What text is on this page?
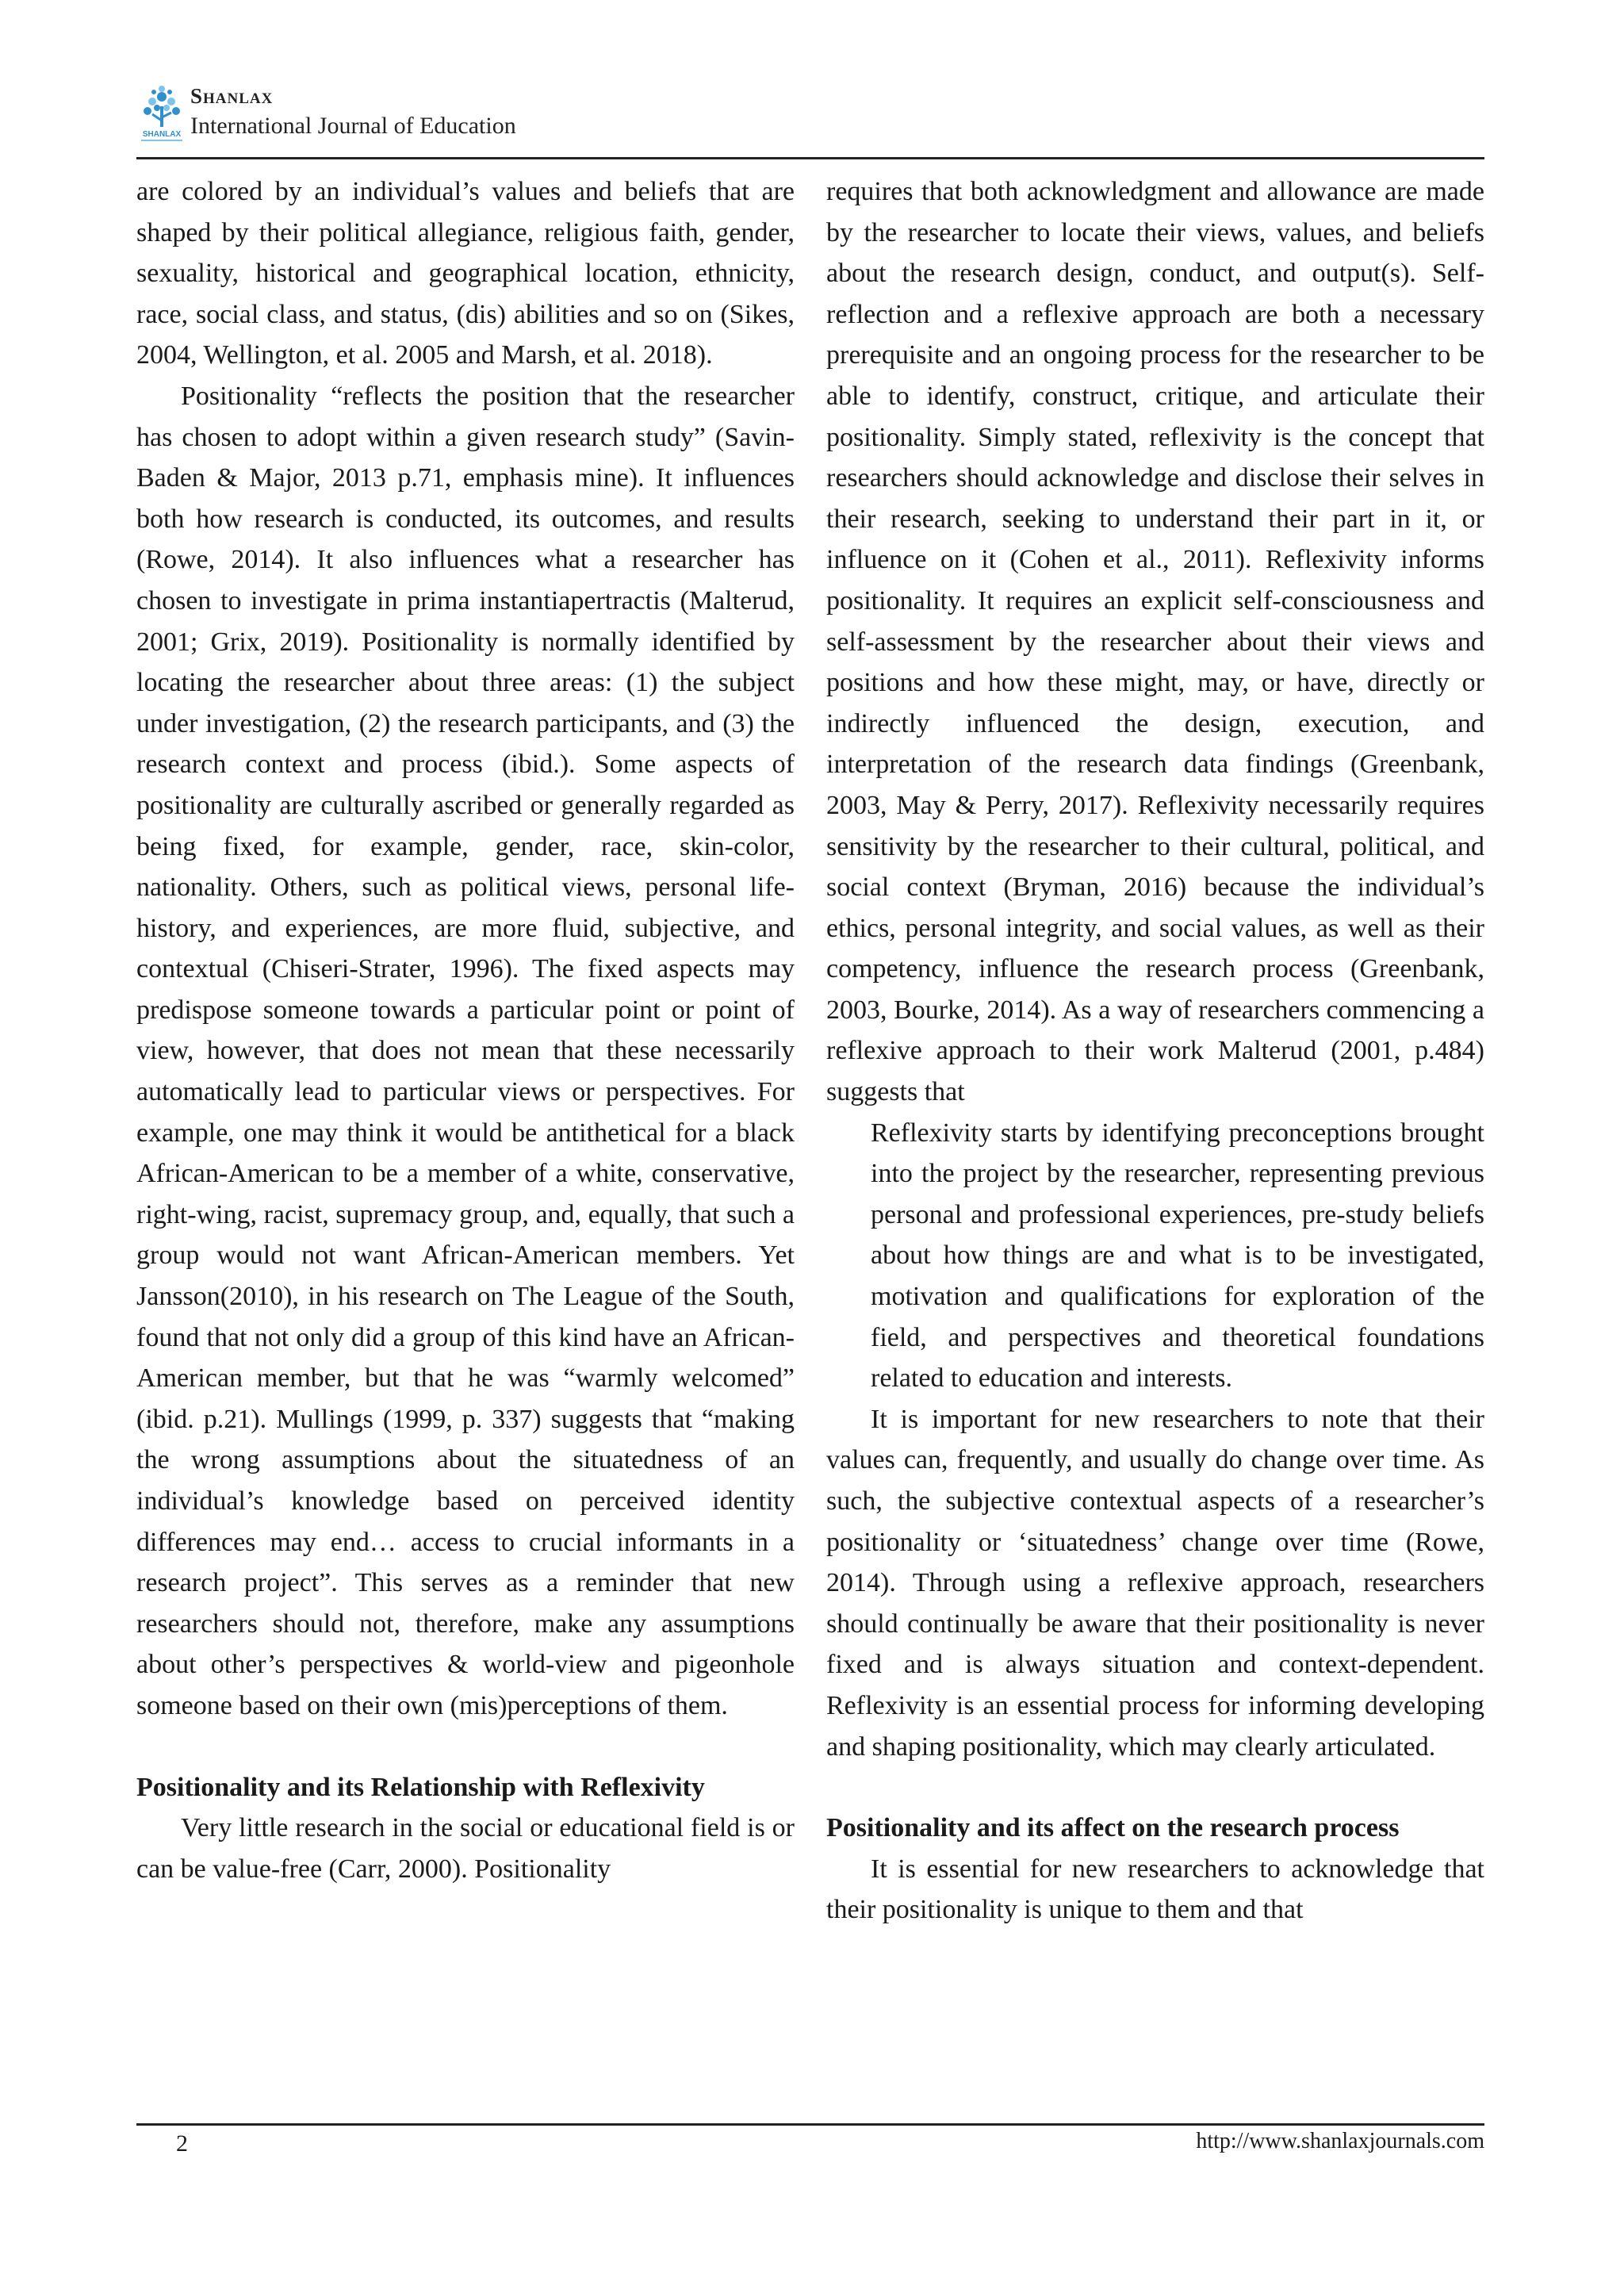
SHANLAX
Shanlax
International Journal of Education

are colored by an individual’s values and beliefs that are shaped by their political allegiance, religious faith, gender, sexuality, historical and geographical location, ethnicity, race, social class, and status, (dis) abilities and so on (Sikes, 2004, Wellington, et al. 2005 and Marsh, et al. 2018).

Positionality “reflects the position that the researcher has chosen to adopt within a given research study” (Savin-Baden & Major, 2013 p.71, emphasis mine). It influences both how research is conducted, its outcomes, and results (Rowe, 2014). It also influences what a researcher has chosen to investigate in prima instantiapertractis (Malterud, 2001; Grix, 2019). Positionality is normally identified by locating the researcher about three areas: (1) the subject under investigation, (2) the research participants, and (3) the research context and process (ibid.). Some aspects of positionality are culturally ascribed or generally regarded as being fixed, for example, gender, race, skin-color, nationality. Others, such as political views, personal life-history, and experiences, are more fluid, subjective, and contextual (Chiseri-Strater, 1996). The fixed aspects may predispose someone towards a particular point or point of view, however, that does not mean that these necessarily automatically lead to particular views or perspectives. For example, one may think it would be antithetical for a black African-American to be a member of a white, conservative, right-wing, racist, supremacy group, and, equally, that such a group would not want African-American members. Yet Jansson(2010), in his research on The League of the South, found that not only did a group of this kind have an African-American member, but that he was “warmly welcomed” (ibid. p.21). Mullings (1999, p. 337) suggests that “making the wrong assumptions about the situatedness of an individual’s knowledge based on perceived identity differences may end… access to crucial informants in a research project”. This serves as a reminder that new researchers should not, therefore, make any assumptions about other’s perspectives & world-view and pigeonhole someone based on their own (mis)perceptions of them.

Positionality and its Relationship with Reflexivity

Very little research in the social or educational field is or can be value-free (Carr, 2000). Positionality

requires that both acknowledgment and allowance are made by the researcher to locate their views, values, and beliefs about the research design, conduct, and output(s). Self-reflection and a reflexive approach are both a necessary prerequisite and an ongoing process for the researcher to be able to identify, construct, critique, and articulate their positionality. Simply stated, reflexivity is the concept that researchers should acknowledge and disclose their selves in their research, seeking to understand their part in it, or influence on it (Cohen et al., 2011). Reflexivity informs positionality. It requires an explicit self-consciousness and self-assessment by the researcher about their views and positions and how these might, may, or have, directly or indirectly influenced the design, execution, and interpretation of the research data findings (Greenbank, 2003, May & Perry, 2017). Reflexivity necessarily requires sensitivity by the researcher to their cultural, political, and social context (Bryman, 2016) because the individual’s ethics, personal integrity, and social values, as well as their competency, influence the research process (Greenbank, 2003, Bourke, 2014). As a way of researchers commencing a reflexive approach to their work Malterud (2001, p.484) suggests that

Reflexivity starts by identifying preconceptions brought into the project by the researcher, representing previous personal and professional experiences, pre-study beliefs about how things are and what is to be investigated, motivation and qualifications for exploration of the field, and perspectives and theoretical foundations related to education and interests.

It is important for new researchers to note that their values can, frequently, and usually do change over time. As such, the subjective contextual aspects of a researcher’s positionality or ‘situatedness’ change over time (Rowe, 2014). Through using a reflexive approach, researchers should continually be aware that their positionality is never fixed and is always situation and context-dependent. Reflexivity is an essential process for informing developing and shaping positionality, which may clearly articulated.

Positionality and its affect on the research process

It is essential for new researchers to acknowledge that their positionality is unique to them and that

2	http://www.shanlaxjournals.com
